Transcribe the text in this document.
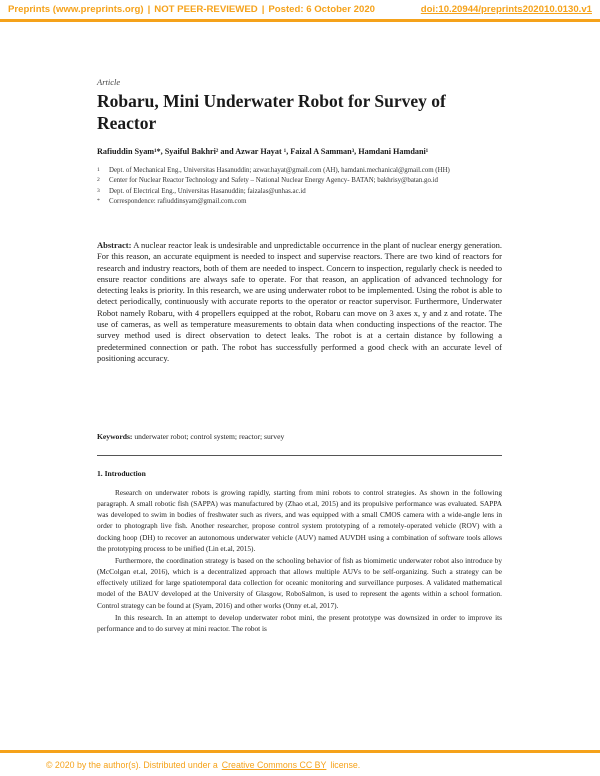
Preprints (www.preprints.org) | NOT PEER-REVIEWED | Posted: 6 October 2020	doi:10.20944/preprints202010.0130.v1
Article
Robaru, Mini Underwater Robot for Survey of Reactor
Rafiuddin Syam¹*, Syaiful Bakhri² and Azwar Hayat ¹, Faizal A Samman³, Hamdani Hamdani¹
1 Dept. of Mechanical Eng., Universitas Hasanuddin; azwar.hayat@gmail.com (AH), hamdani.mechanical@gmail.com (HH)
2 Center for Nuclear Reactor Technology and Safety – National Nuclear Energy Agency- BATAN; bakhrisy@batan.go.id
3 Dept. of Electrical Eng., Universitas Hasanuddin; faizalas@unhas.ac.id
* Correspondence: rafiuddinsyam@gmail.com.com

Abstract: A nuclear reactor leak is undesirable and unpredictable occurrence in the plant of nuclear energy generation. For this reason, an accurate equipment is needed to inspect and supervise reactors. There are two kind of reactors for research and industry reactors, both of them are needed to inspect. Concern to inspection, regularly check is needed to ensure reactor conditions are always safe to operate. For that reason, an application of advanced technology for detecting leaks is priority. In this research, we are using underwater robot to be implemented. Using the robot is able to detect periodically, continuously with accurate reports to the operator or reactor supervisor. Furthermore, Underwater Robot namely Robaru, with 4 propellers equipped at the robot, Robaru can move on 3 axes x, y and z and rotate. The use of cameras, as well as temperature measurements to obtain data when conducting inspections of the reactor. The survey method used is direct observation to detect leaks. The robot is at a certain distance by following a predetermined connection or path. The robot has successfully performed a good check with an accurate level of positioning accuracy.

Keywords: underwater robot; control system; reactor; survey
1. Introduction

Research on underwater robots is growing rapidly, starting from mini robots to control strategies. As shown in the following paragraph. A small robotic fish (SAPPA) was manufactured by (Zhao et.al, 2015) and its propulsive performance was evaluated. SAPPA was developed to swim in bodies of freshwater such as rivers, and was equipped with a small CMOS camera with a wide-angle lens in order to photograph live fish. Another researcher, propose control system prototyping of a remotely-operated vehicle (ROV) with a docking hoop (DH) to recover an autonomous underwater vehicle (AUV) named AUVDH using a combination of software tools allows the prototyping process to be unified (Lin et.al, 2015).

Furthermore, the coordination strategy is based on the schooling behavior of fish as biomimetic underwater robot also introduce by (McColgan et.al, 2016), which is a decentralized approach that allows multiple AUVs to be self-organizing. Such a strategy can be effectively utilized for large spatiotemporal data collection for oceanic monitoring and surveillance purposes. A validated mathematical model of the BAUV developed at the University of Glasgow, RoboSalmon, is used to represent the agents within a school formation. Control strategy can be found at (Syam, 2016) and other works (Onny et.al, 2017).

In this research. In an attempt to develop underwater robot mini, the present prototype was downsized in order to improve its performance and to do survey at mini reactor. The robot is

© 2020 by the author(s). Distributed under a Creative Commons CC BY license.
